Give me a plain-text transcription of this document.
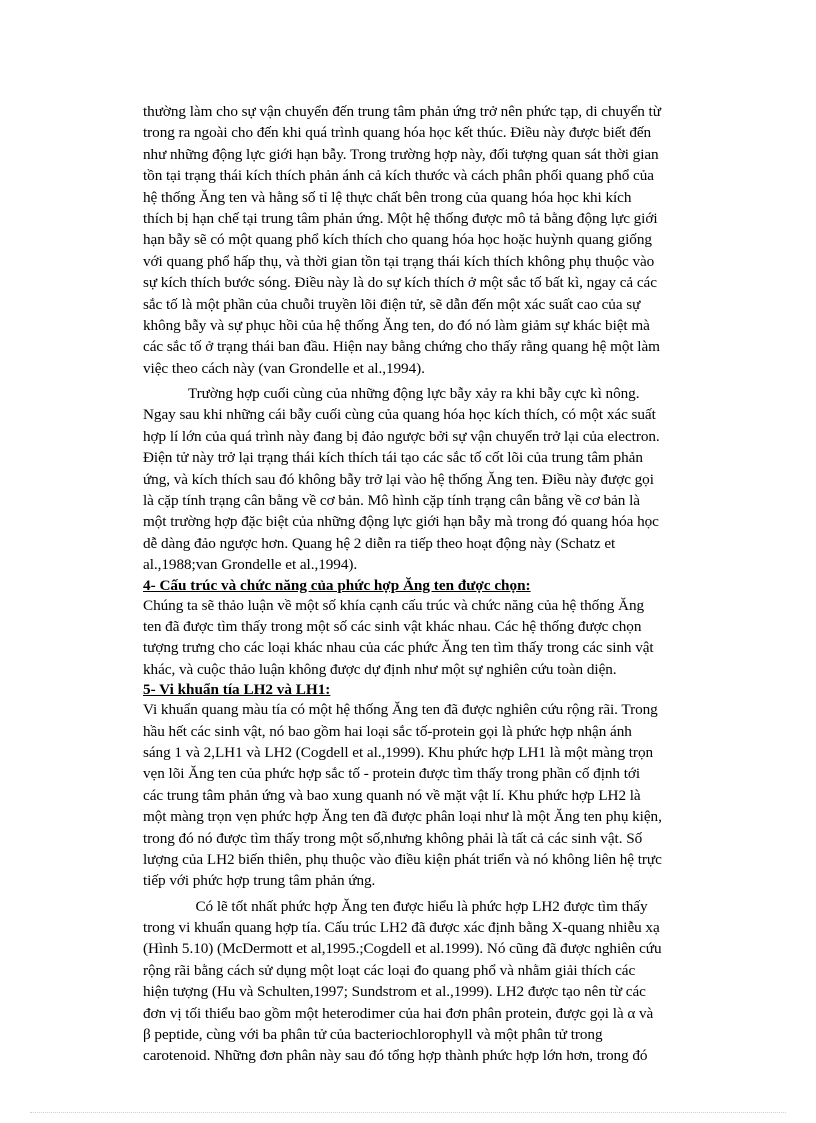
thường làm cho sự vận chuyển đến trung tâm phản ứng trở nên phức tạp, di chuyển từ
trong ra ngoài cho đến khi quá trình quang hóa học kết thúc. Điều này được biết đến
như những động lực giới hạn bẫy. Trong trường hợp này, đối tượng quan sát thời gian
tồn tại trạng thái kích thích phản ánh cả kích thước và cách phân phối quang phổ của
hệ thống Ăng ten và hằng số tỉ lệ thực chất bên trong của quang hóa học khi kích
thích bị hạn chế tại trung tâm phản ứng. Một hệ thống được mô tả bằng động lực giới
hạn bẫy sẽ có một quang phổ kích thích cho quang hóa học hoặc huỳnh quang giống
với quang phổ hấp thụ, và thời gian tồn tại trạng thái kích thích không phụ thuộc vào
sự kích thích bước sóng. Điều này là do sự kích thích ở một sắc tố bất kì, ngay cả các
sắc tố là một phần của chuỗi truyền lõi điện tử, sẽ dẫn đến một xác suất cao của sự
không bẫy và sự phục hồi của hệ thống Ăng ten, do đó nó làm giảm sự khác biệt mà
các sắc tố ở trạng thái ban đầu. Hiện nay bằng chứng cho thấy rằng quang hệ một làm
việc theo cách này (van Grondelle et al.,1994).
Trường hợp cuối cùng của những động lực bẫy xảy ra khi bẫy cực kì nông.
Ngay sau khi những cái bẫy cuối cùng của quang hóa học kích thích, có một xác suất
hợp lí lớn của quá trình này đang bị đảo ngược bởi sự vận chuyển trở lại của electron.
Điện tử này trở lại trạng thái kích thích tái tạo các sắc tố cốt lõi của trung tâm phản
ứng, và kích thích sau đó không bẫy trở lại vào hệ thống Ăng ten. Điều này được gọi
là cặp tính trạng cân bằng về cơ bản. Mô hình cặp tính trạng cân bằng về cơ bản là
một trường hợp đặc biệt của những động lực giới hạn bẫy mà trong đó quang hóa học
dễ dàng đảo ngược hơn. Quang hệ 2 diễn ra tiếp theo hoạt động này (Schatz et
al.,1988;van Grondelle et al.,1994).
4- Cấu trúc và chức năng của phức hợp Ăng ten được chọn:
Chúng ta sẽ thảo luận về một số khía cạnh cấu trúc và chức năng của hệ thống Ăng
ten đã được tìm thấy trong một số các sinh vật khác nhau. Các hệ thống được chọn
tượng trưng cho các loại khác nhau của các phức Ăng ten tìm thấy trong các sinh vật
khác, và cuộc thảo luận không được dự định như một sự nghiên cứu toàn diện.
5- Vi khuẩn tía LH2 và LH1:
Vi khuẩn quang màu tía có một hệ thống Ăng ten đã được nghiên cứu rộng rãi. Trong
hầu hết các sinh vật, nó bao gồm hai loại sắc tố-protein gọi là phức hợp nhận ánh
sáng 1 và 2,LH1 và LH2 (Cogdell et al.,1999). Khu phức hợp LH1 là một màng trọn
vẹn lõi Ăng ten của phức hợp sắc tố - protein được tìm thấy trong phần cố định tới
các trung tâm phản ứng và bao xung quanh nó về mặt vật lí. Khu phức hợp LH2 là
một màng trọn vẹn phức hợp Ăng ten đã được phân loại như là một Ăng ten phụ kiện,
trong đó nó được tìm thấy trong một số,nhưng không phải là tất cả các sinh vật. Số
lượng của LH2 biến thiên, phụ thuộc vào điều kiện phát triển và nó không liên hệ trực
tiếp với phức hợp trung tâm phản ứng.
Có lẽ tốt nhất phức hợp Ăng ten được hiểu là phức hợp LH2 được tìm thấy
trong vi khuẩn quang hợp tía. Cấu trúc LH2 đã được xác định bằng X-quang nhiễu xạ
(Hình 5.10) (McDermott et al,1995.;Cogdell et al.1999). Nó cũng đã được nghiên cứu
rộng rãi bằng cách sử dụng một loạt các loại đo quang phổ và nhằm giải thích các
hiện tượng (Hu và Schulten,1997; Sundstrom et al.,1999). LH2 được tạo nên từ các
đơn vị tối thiểu bao gồm một heterodimer của hai đơn phân protein, được gọi là α và
β peptide, cùng với ba phân tử của bacteriochlorophyll và một phân tử trong
carotenoid. Những đơn phân này sau đó tổng hợp thành phức hợp lớn hơn, trong đó
